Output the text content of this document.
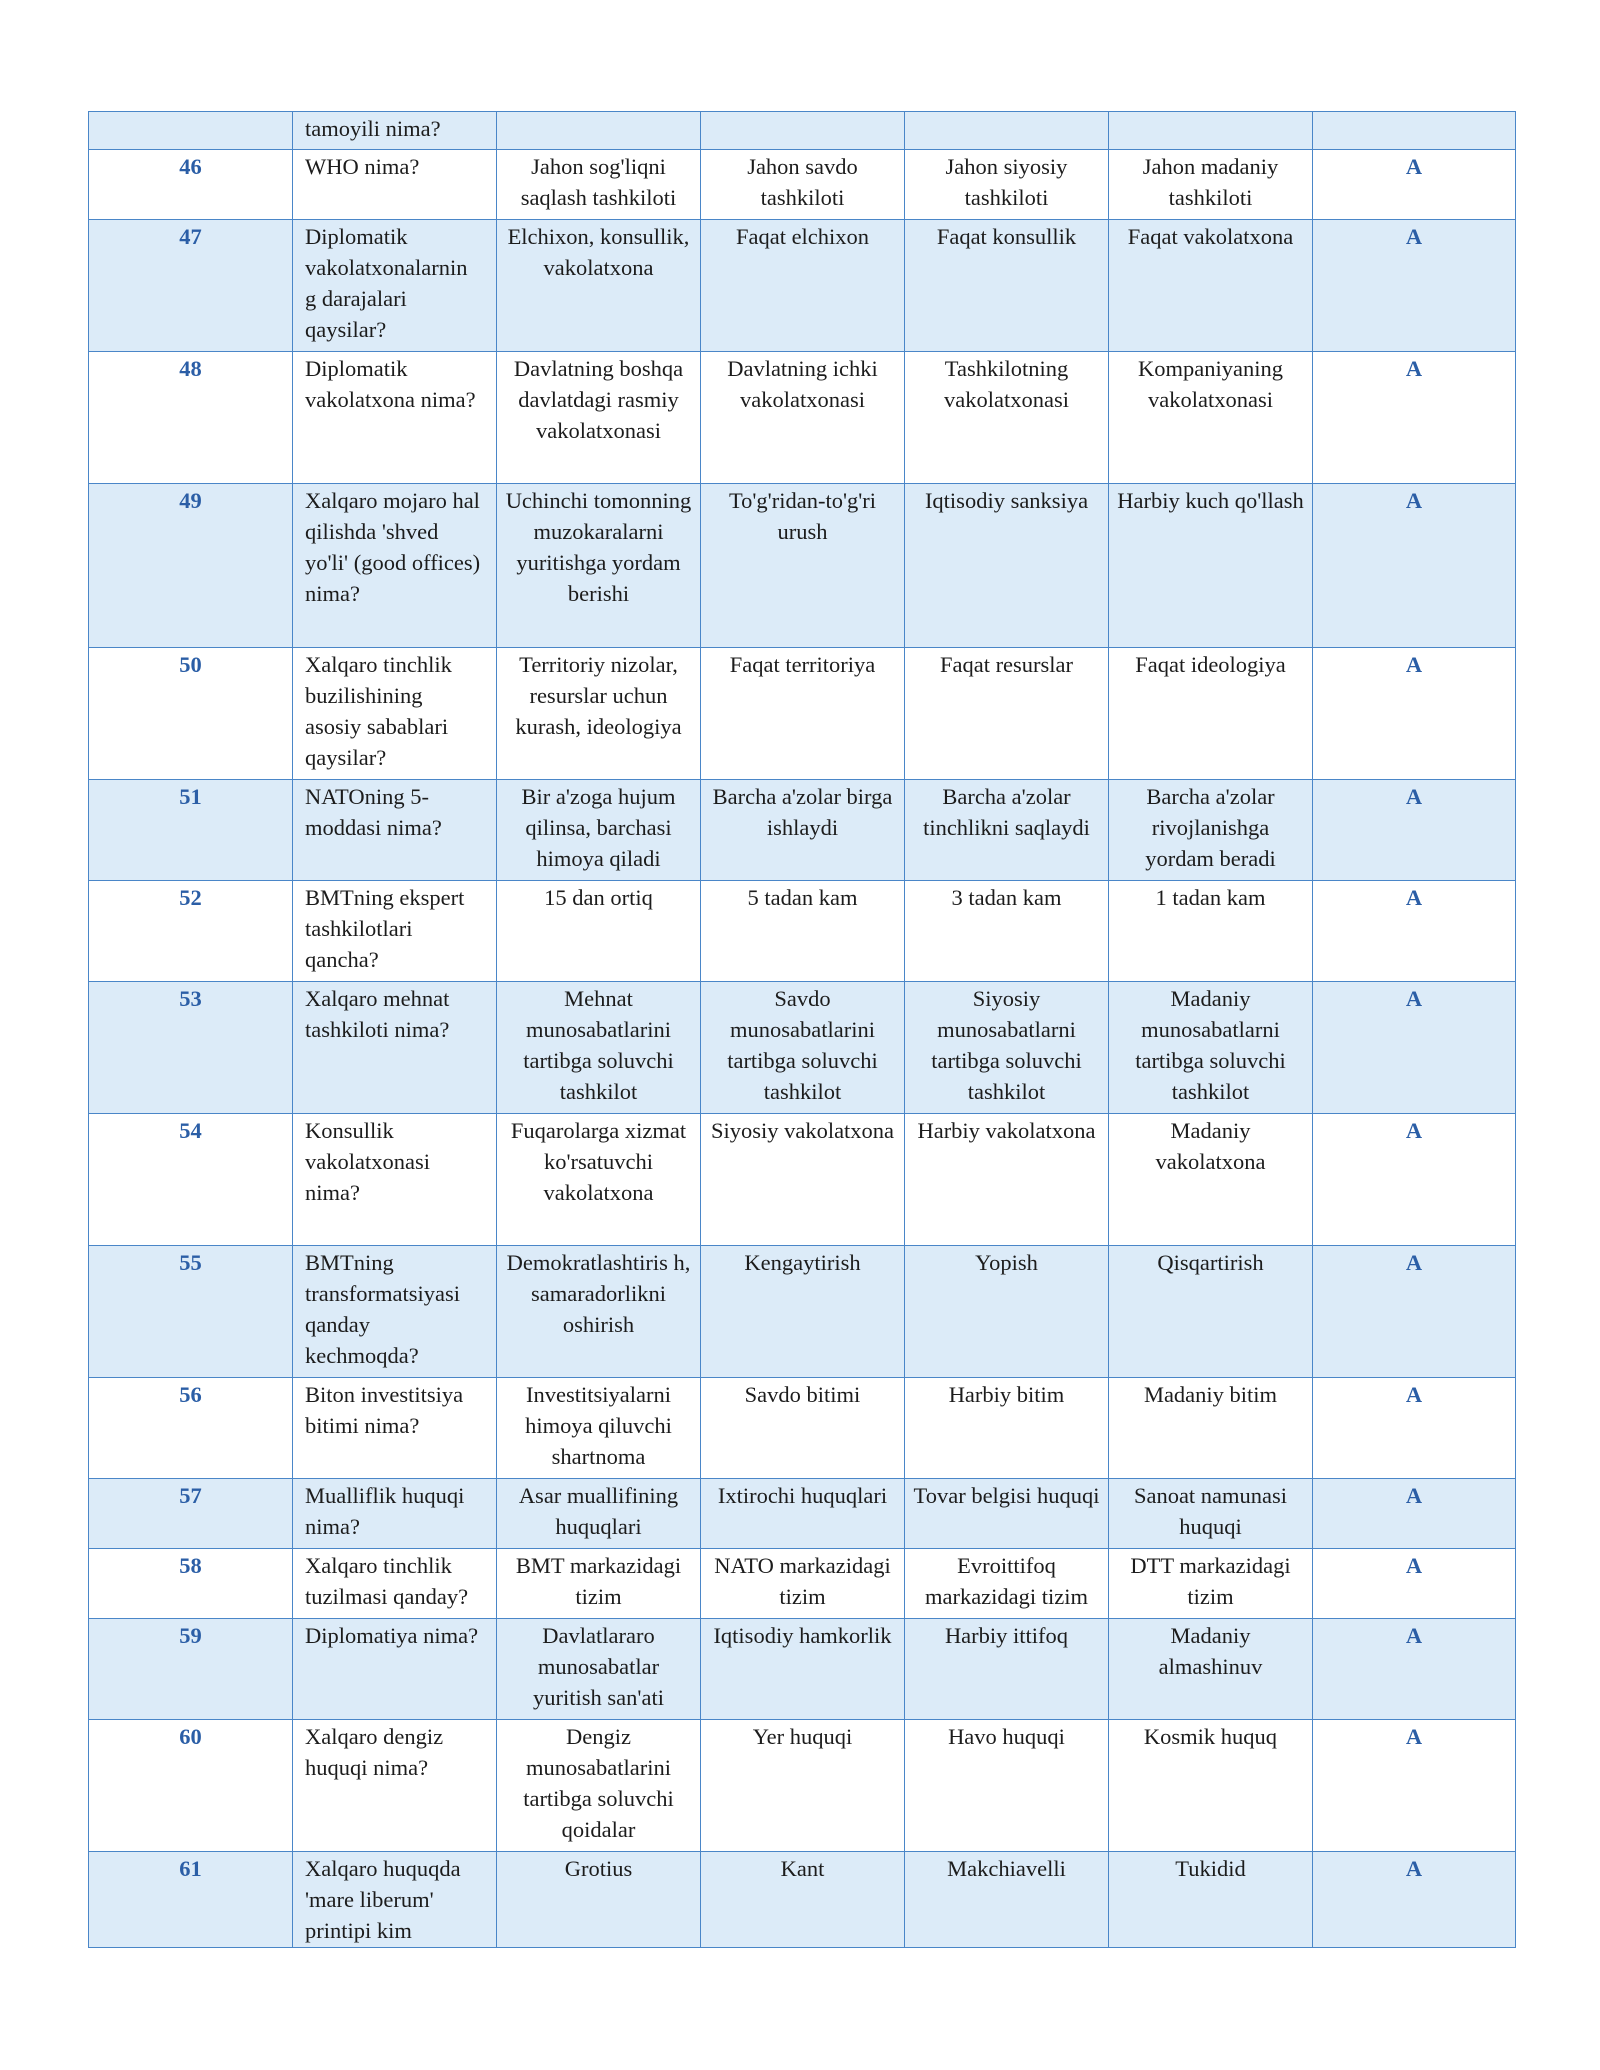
	tamoyili nima?					

46	WHO nima?	Jahon sog'liqni saqlash tashkiloti	Jahon savdo tashkiloti	Jahon siyosiy tashkiloti	Jahon madaniy tashkiloti	A

47	Diplomatik vakolatxonalarnin g darajalari qaysilar?	Elchixon, konsullik, vakolatxona	Faqat elchixon	Faqat konsullik	Faqat vakolatxona	A

48	Diplomatik vakolatxona nima?	Davlatning boshqa davlatdagi rasmiy vakolatxonasi	Davlatning ichki vakolatxonasi	Tashkilotning vakolatxonasi	Kompaniyaning vakolatxonasi	A

49	Xalqaro mojaro hal qilishda 'shved yo'li' (good offices) nima?	Uchinchi tomonning muzokaralarni yuritishga yordam berishi	To'g'ridan-to'g'ri urush	Iqtisodiy sanksiya	Harbiy kuch qo'llash	A

50	Xalqaro tinchlik buzilishining asosiy sabablari qaysilar?	Territoriy nizolar, resurslar uchun kurash, ideologiya	Faqat territoriya	Faqat resurslar	Faqat ideologiya	A

51	NATOning 5-moddasi nima?	Bir a'zoga hujum qilinsa, barchasi himoya qiladi	Barcha a'zolar birga ishlaydi	Barcha a'zolar tinchlikni saqlaydi	Barcha a'zolar rivojlanishga yordam beradi	A

52	BMTning ekspert tashkilotlari qancha?	15 dan ortiq	5 tadan kam	3 tadan kam	1 tadan kam	A

53	Xalqaro mehnat tashkiloti nima?	Mehnat munosabatlarini tartibga soluvchi tashkilot	Savdo munosabatlarini tartibga soluvchi tashkilot	Siyosiy munosabatlarni tartibga soluvchi tashkilot	Madaniy munosabatlarni tartibga soluvchi tashkilot	A

54	Konsullik vakolatxonasi nima?	Fuqarolarga xizmat ko'rsatuvchi vakolatxona	Siyosiy vakolatxona	Harbiy vakolatxona	Madaniy vakolatxona	A

55	BMTning transformatsiyasi qanday kechmoqda?	Demokratlashtiris h, samaradorlikni oshirish	Kengaytirish	Yopish	Qisqartirish	A

56	Biton investitsiya bitimi nima?	Investitsiyalarni himoya qiluvchi shartnoma	Savdo bitimi	Harbiy bitim	Madaniy bitim	A

57	Mualliflik huquqi nima?	Asar muallifining huquqlari	Ixtirochi huquqlari	Tovar belgisi huquqi	Sanoat namunasi huquqi	A

58	Xalqaro tinchlik tuzilmasi qanday?	BMT markazidagi tizim	NATO markazidagi tizim	Evroittifoq markazidagi tizim	DTT markazidagi tizim	A

59	Diplomatiya nima?	Davlatlararo munosabatlar yuritish san'ati	Iqtisodiy hamkorlik	Harbiy ittifoq	Madaniy almashinuv	A

60	Xalqaro dengiz huquqi nima?	Dengiz munosabatlarini tartibga soluvchi qoidalar	Yer huquqi	Havo huquqi	Kosmik huquq	A

61	Xalqaro huquqda 'mare liberum' printipi kim	Grotius	Kant	Makchiavelli	Tukidid	A
